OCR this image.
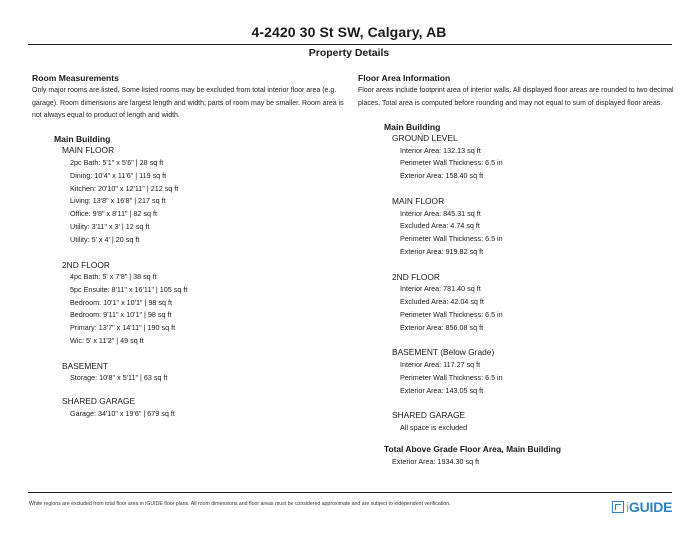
4-2420 30 St SW, Calgary, AB
Property Details
Room Measurements
Only major rooms are listed. Some listed rooms may be excluded from total interior floor area (e.g. garage). Room dimensions are largest length and width; parts of room may be smaller. Room area is not always equal to product of length and width.
Main Building
MAIN FLOOR
2pc Bath: 5'1" x 5'6" | 28 sq ft
Dining: 10'4" x 11'6" | 119 sq ft
Kitchen: 20'10" x 12'11" | 212 sq ft
Living: 13'8" x 16'8" | 217 sq ft
Office: 9'8" x 8'11" | 82 sq ft
Utility: 3'11" x 3' | 12 sq ft
Utility: 5' x 4' | 20 sq ft
2ND FLOOR
4pc Bath: 5' x 7'8" | 38 sq ft
5pc Ensuite: 8'11" x 16'11" | 105 sq ft
Bedroom: 10'1" x 10'1" | 98 sq ft
Bedroom: 9'11" x 10'1" | 98 sq ft
Primary: 13'7" x 14'11" | 190 sq ft
Wic: 5' x 11'2" | 49 sq ft
BASEMENT
Storage: 10'8" x 5'11" | 63 sq ft
SHARED GARAGE
Garage: 34'10" x 19'6" | 679 sq ft
Floor Area Information
Floor areas include footprint area of interior walls. All displayed floor areas are rounded to two decimal places. Total area is computed before rounding and may not equal to sum of displayed floor areas.
Main Building
GROUND LEVEL
Interior Area: 132.13 sq ft
Perimeter Wall Thickness: 6.5 in
Exterior Area: 158.40 sq ft
MAIN FLOOR
Interior Area: 845.31 sq ft
Excluded Area: 4.74 sq ft
Perimeter Wall Thickness: 6.5 in
Exterior Area: 919.82 sq ft
2ND FLOOR
Interior Area: 781.40 sq ft
Excluded Area: 42.04 sq ft
Perimeter Wall Thickness: 6.5 in
Exterior Area: 856.08 sq ft
BASEMENT (Below Grade)
Interior Area: 117.27 sq ft
Perimeter Wall Thickness: 6.5 in
Exterior Area: 143.05 sq ft
SHARED GARAGE
All space is excluded
Total Above Grade Floor Area, Main Building
Exterior Area: 1934.30 sq ft
White regions are excluded from total floor area in iGUIDE floor plans. All room dimensions and floor areas must be considered approximate and are subject to independent verification.	iGUIDE
